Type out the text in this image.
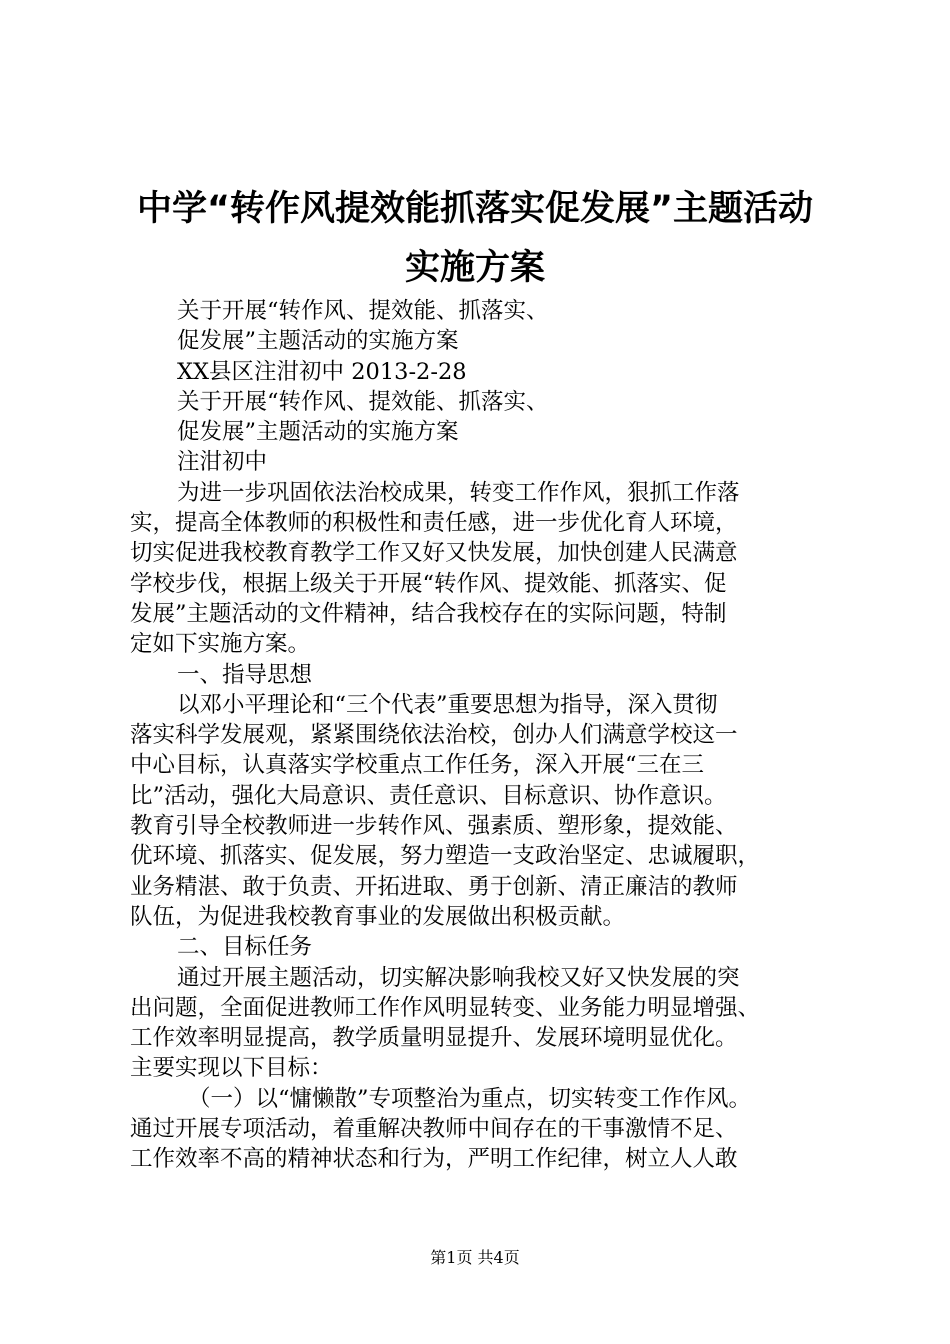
中学“转作风提效能抓落实促发展”主题活动
实施方案
关于开展“转作风、提效能、抓落实、
促发展”主题活动的实施方案
XX县区注泔初中 2013-2-28
关于开展“转作风、提效能、抓落实、
促发展”主题活动的实施方案
注泔初中
为进一步巩固依法治校成果，转变工作作风，狠抓工作落
实，提高全体教师的积极性和责任感，进一步优化育人环境，
切实促进我校教育教学工作又好又快发展，加快创建人民满意
学校步伐，根据上级关于开展“转作风、提效能、抓落实、促
发展”主题活动的文件精神，结合我校存在的实际问题，特制
定如下实施方案。
一、指导思想
以邓小平理论和“三个代表”重要思想为指导，深入贯彻
落实科学发展观，紧紧围绕依法治校，创办人们满意学校这一
中心目标，认真落实学校重点工作任务，深入开展“三在三
比”活动，强化大局意识、责任意识、目标意识、协作意识。
教育引导全校教师进一步转作风、强素质、塑形象，提效能、
优环境、抓落实、促发展，努力塑造一支政治坚定、忠诚履职，
业务精湛、敢于负责、开拓进取、勇于创新、清正廉洁的教师
队伍，为促进我校教育事业的发展做出积极贡献。
二、目标任务
通过开展主题活动，切实解决影响我校又好又快发展的突
出问题，全面促进教师工作作风明显转变、业务能力明显增强、
工作效率明显提高，教学质量明显提升、发展环境明显优化。
主要实现以下目标：
（一）以“慵懒散”专项整治为重点，切实转变工作作风。
通过开展专项活动，着重解决教师中间存在的干事激情不足、
工作效率不高的精神状态和行为，严明工作纪律，树立人人敢
第1页 共4页
